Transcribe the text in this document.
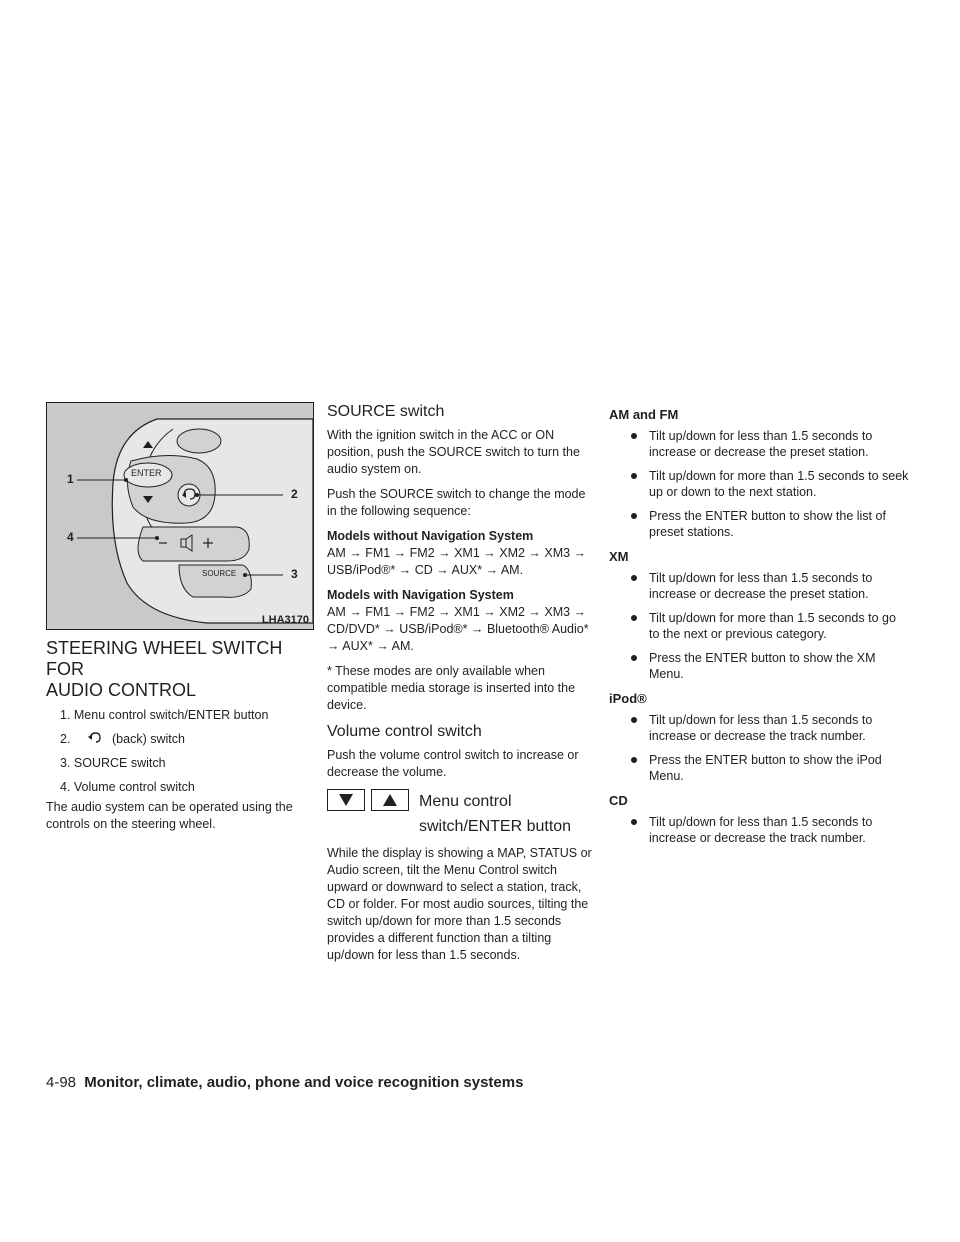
ENTER
SOURCE
1
2
3
4
LHA3170
STEERING WHEEL SWITCH FOR
AUDIO CONTROL
1. Menu control switch/ENTER button
2.	(back) switch
3. SOURCE switch
4. Volume control switch

The audio system can be operated using the controls on the steering wheel.

SOURCE switch

With the ignition switch in the ACC or ON position, push the SOURCE switch to turn the audio system on.

Push the SOURCE switch to change the mode in the following sequence:

Models without Navigation System
AM → FM1 → FM2 → XM1 → XM2 → XM3 → USB/iPod®* → CD → AUX* → AM.
Models with Navigation System
AM → FM1 → FM2 → XM1 → XM2 → XM3 → CD/DVD* → USB/iPod®* → Bluetooth® Audio* → AUX* → AM.

* These modes are only available when compatible media storage is inserted into the device.

Volume control switch

Push the volume control switch to increase or decrease the volume.

Menu control
switch/ENTER button

While the display is showing a MAP, STATUS or Audio screen, tilt the Menu Control switch upward or downward to select a station, track, CD or folder. For most audio sources, tilting the switch up/down for more than 1.5 seconds provides a different function than a tilting up/down for less than 1.5 seconds.

AM and FM
Tilt up/down for less than 1.5 seconds to increase or decrease the preset station.
Tilt up/down for more than 1.5 seconds to seek up or down to the next station.
Press the ENTER button to show the list of preset stations.
XM
Tilt up/down for less than 1.5 seconds to increase or decrease the preset station.
Tilt up/down for more than 1.5 seconds to go to the next or previous category.
Press the ENTER button to show the XM Menu.
iPod®
Tilt up/down for less than 1.5 seconds to increase or decrease the track number.
Press the ENTER button to show the iPod Menu.
CD
Tilt up/down for less than 1.5 seconds to increase or decrease the track number.
4-98 Monitor, climate, audio, phone and voice recognition systems
